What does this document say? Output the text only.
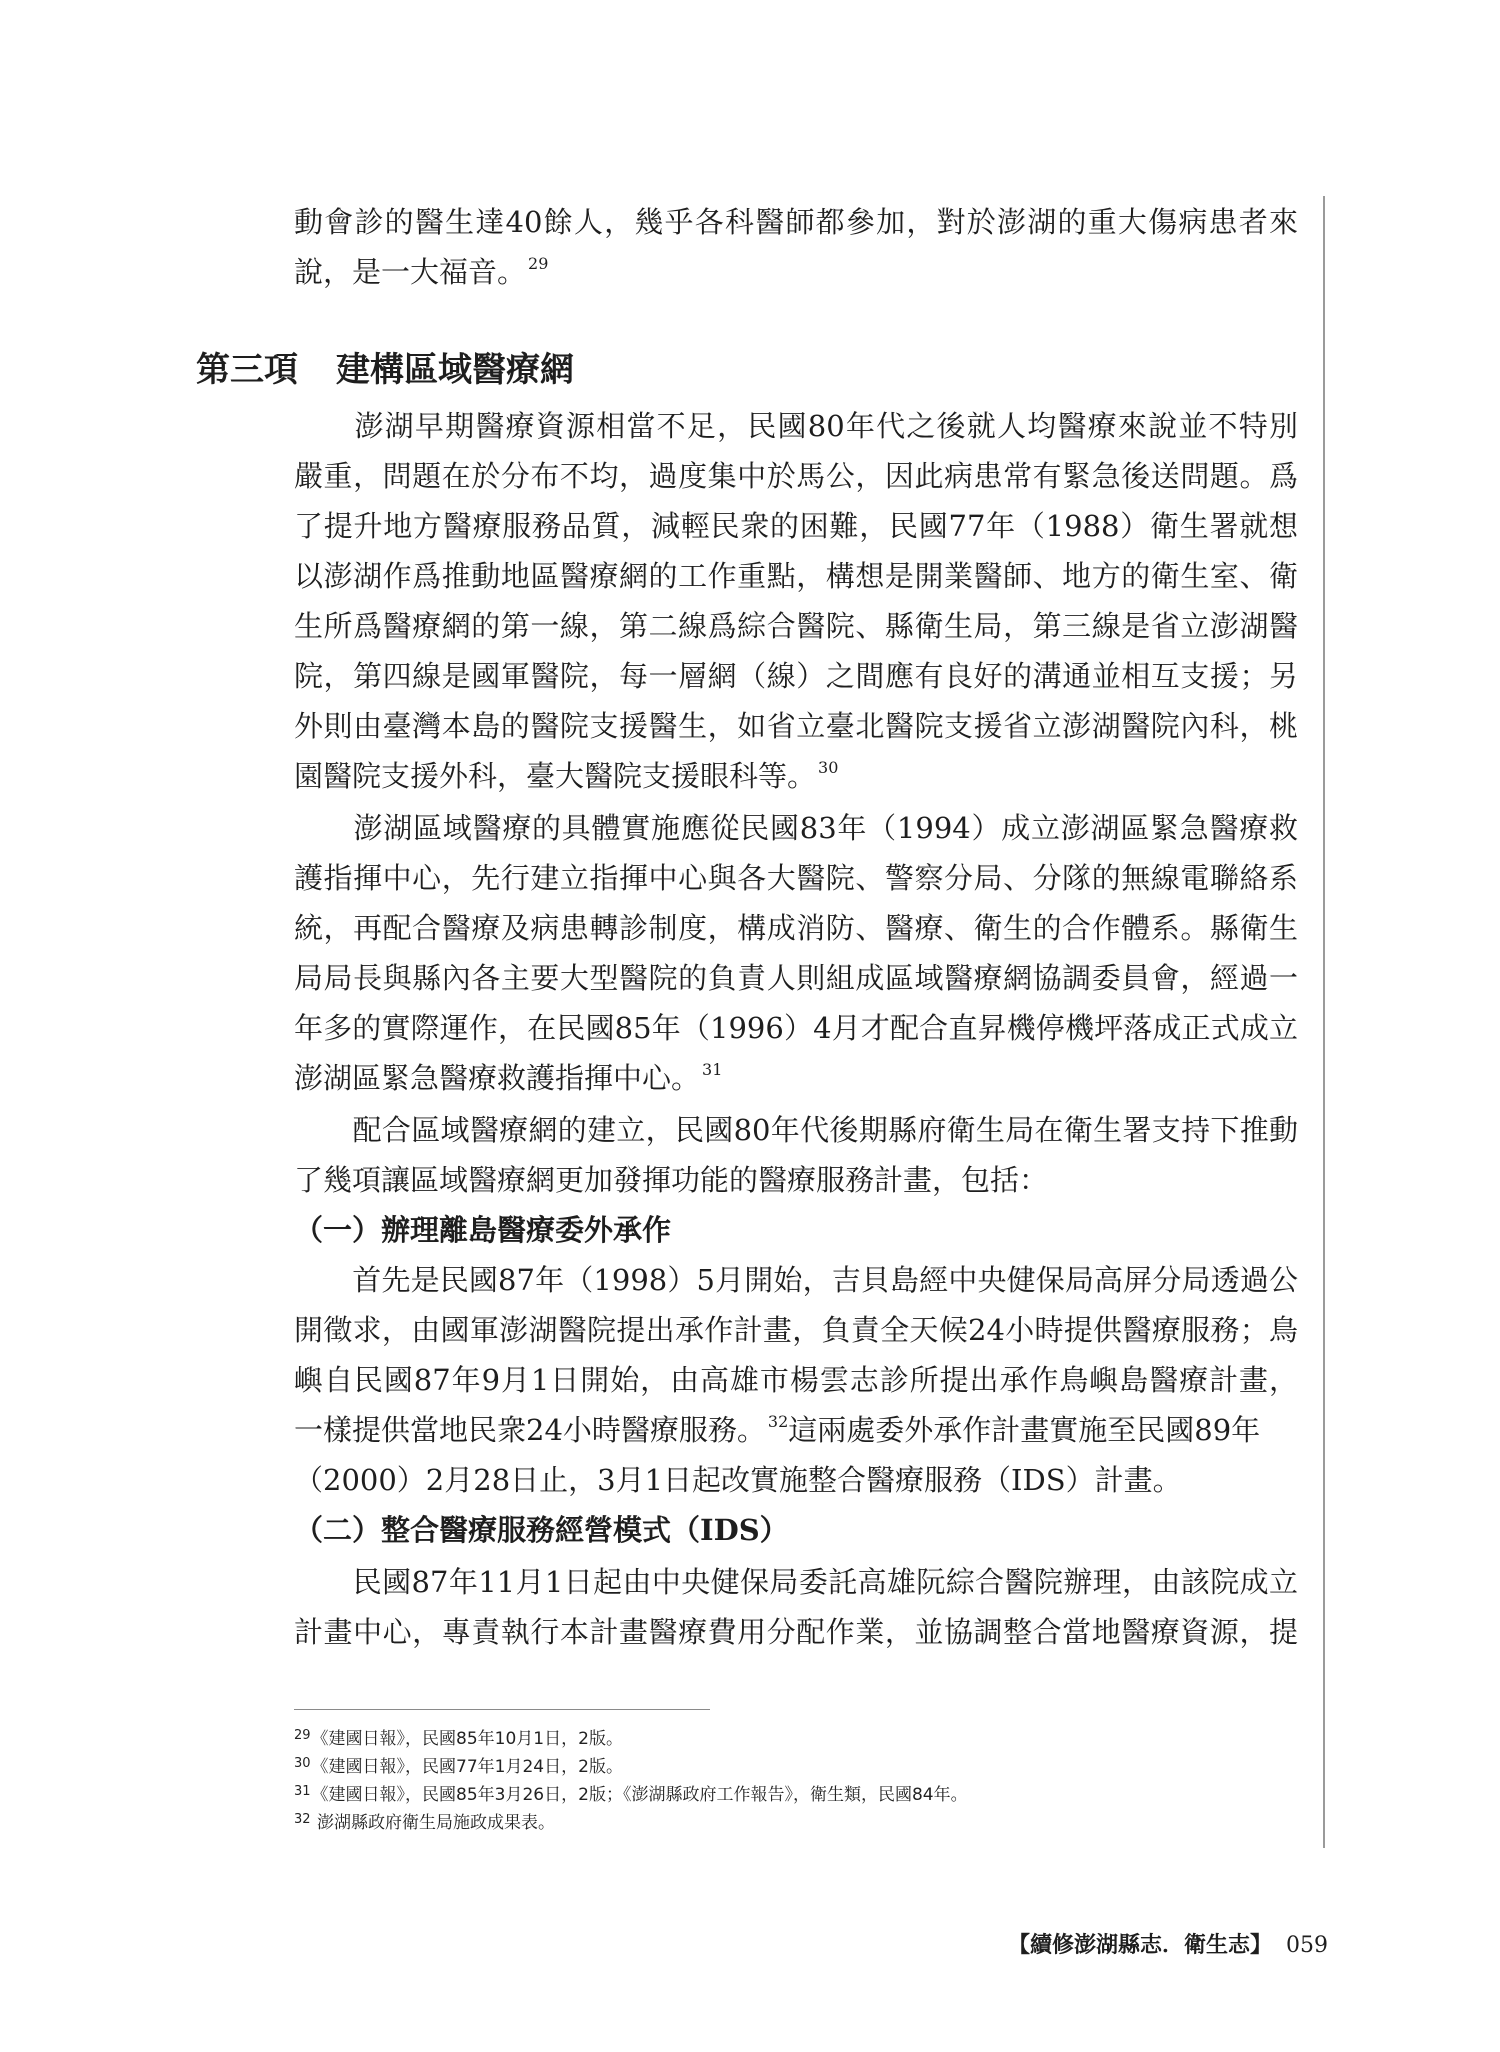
動會診的醫生達40餘人，幾乎各科醫師都參加，對於澎湖的重大傷病患者來
說，是一大福音。 $^{29}$
　　澎湖早期醫療資源相當不足，民國80年代之後就人均醫療來說並不特別
嚴重，問題在於分布不均，過度集中於馬公，因此病患常有緊急後送問題。爲
了提升地方醫療服務品質，減輕民衆的困難，民國77年（1988）衛生署就想
以澎湖作爲推動地區醫療網的工作重點，構想是開業醫師、地方的衛生室、衛
生所爲醫療網的第一線，第二線爲綜合醫院、縣衛生局，第三線是省立澎湖醫
院，第四線是國軍醫院，每一層網（線）之間應有良好的溝通並相互支援；另
外則由臺灣本島的醫院支援醫生，如省立臺北醫院支援省立澎湖醫院內科，桃
園醫院支援外科，臺大醫院支援眼科等。 $^{30}$
　　澎湖區域醫療的具體實施應從民國83年（1994）成立澎湖區緊急醫療救
護指揮中心，先行建立指揮中心與各大醫院、警察分局、分隊的無線電聯絡系
統，再配合醫療及病患轉診制度，構成消防、醫療、衛生的合作體系。縣衛生
局局長與縣內各主要大型醫院的負責人則組成區域醫療網協調委員會，經過一
年多的實際運作，在民國85年（1996）4月才配合直昇機停機坪落成正式成立
澎湖區緊急醫療救護指揮中心。 $^{31}$
　　配合區域醫療網的建立，民國80年代後期縣府衛生局在衛生署支持下推動
了幾項讓區域醫療網更加發揮功能的醫療服務計畫，包括：
（一）辦理離島醫療委外承作
　　首先是民國87年（1998）5月開始，吉貝島經中央健保局高屏分局透過公
開徵求，由國軍澎湖醫院提出承作計畫，負責全天候24小時提供醫療服務；鳥
嶼自民國87年9月1日開始，由高雄市楊雲志診所提出承作鳥嶼島醫療計畫，
一樣提供當地民衆24小時醫療服務。 $^{32}$這兩處委外承作計畫實施至民國89年
（2000）2月28日止，3月1日起改實施整合醫療服務（IDS）計畫。
（二）整合醫療服務經營模式（IDS）
　　民國87年11月1日起由中央健保局委託高雄阮綜合醫院辦理，由該院成立
計畫中心，專責執行本計畫醫療費用分配作業，並協調整合當地醫療資源，提
第三項 建構區域醫療網
$^{29}$《建國日報》，民國85年10月1日，2版。
$^{30}$《建國日報》，民國77年1月24日，2版。
$^{31}$《建國日報》，民國85年3月26日，2版；《澎湖縣政府工作報告》，衛生類，民國84年。
$^{32}$ 澎湖縣政府衛生局施政成果表。
【續修澎湖縣志．衛生志】 059
